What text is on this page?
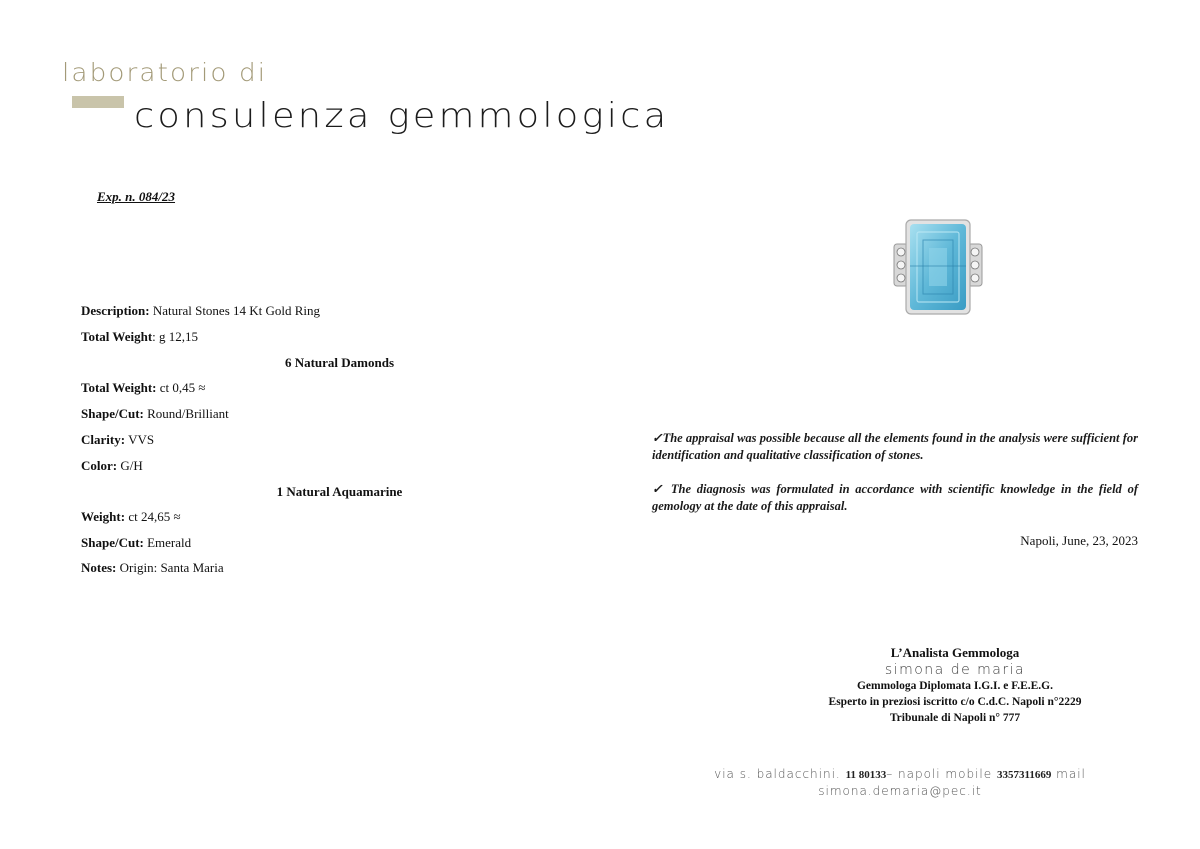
laboratorio di
consulenza gemmologica
Exp. n. 084/23
Description: Natural Stones 14 Kt Gold Ring
Total Weight: g 12,15
6 Natural Damonds
Total Weight: ct 0,45 ≈
Shape/Cut: Round/Brilliant
Clarity: VVS
Color: G/H
1 Natural Aquamarine
Weight: ct 24,65 ≈
Shape/Cut: Emerald
Notes: Origin: Santa Maria
✓The appraisal was possible because all the elements found in the analysis were sufficient for identification and qualitative classification of stones.
✓ The diagnosis was formulated in accordance with scientific knowledge in the field of gemology at the date of this appraisal.
Napoli, June, 23, 2023
L’Analista Gemmologa
simona de maria
Gemmologa Diplomata I.G.I. e F.E.E.G.
Esperto in preziosi iscritto c/o C.d.C. Napoli n°2229
Tribunale di Napoli n° 777
via s. baldacchini. 11 80133– napoli mobile 3357311669 mail
simona.demaria@pec.it
